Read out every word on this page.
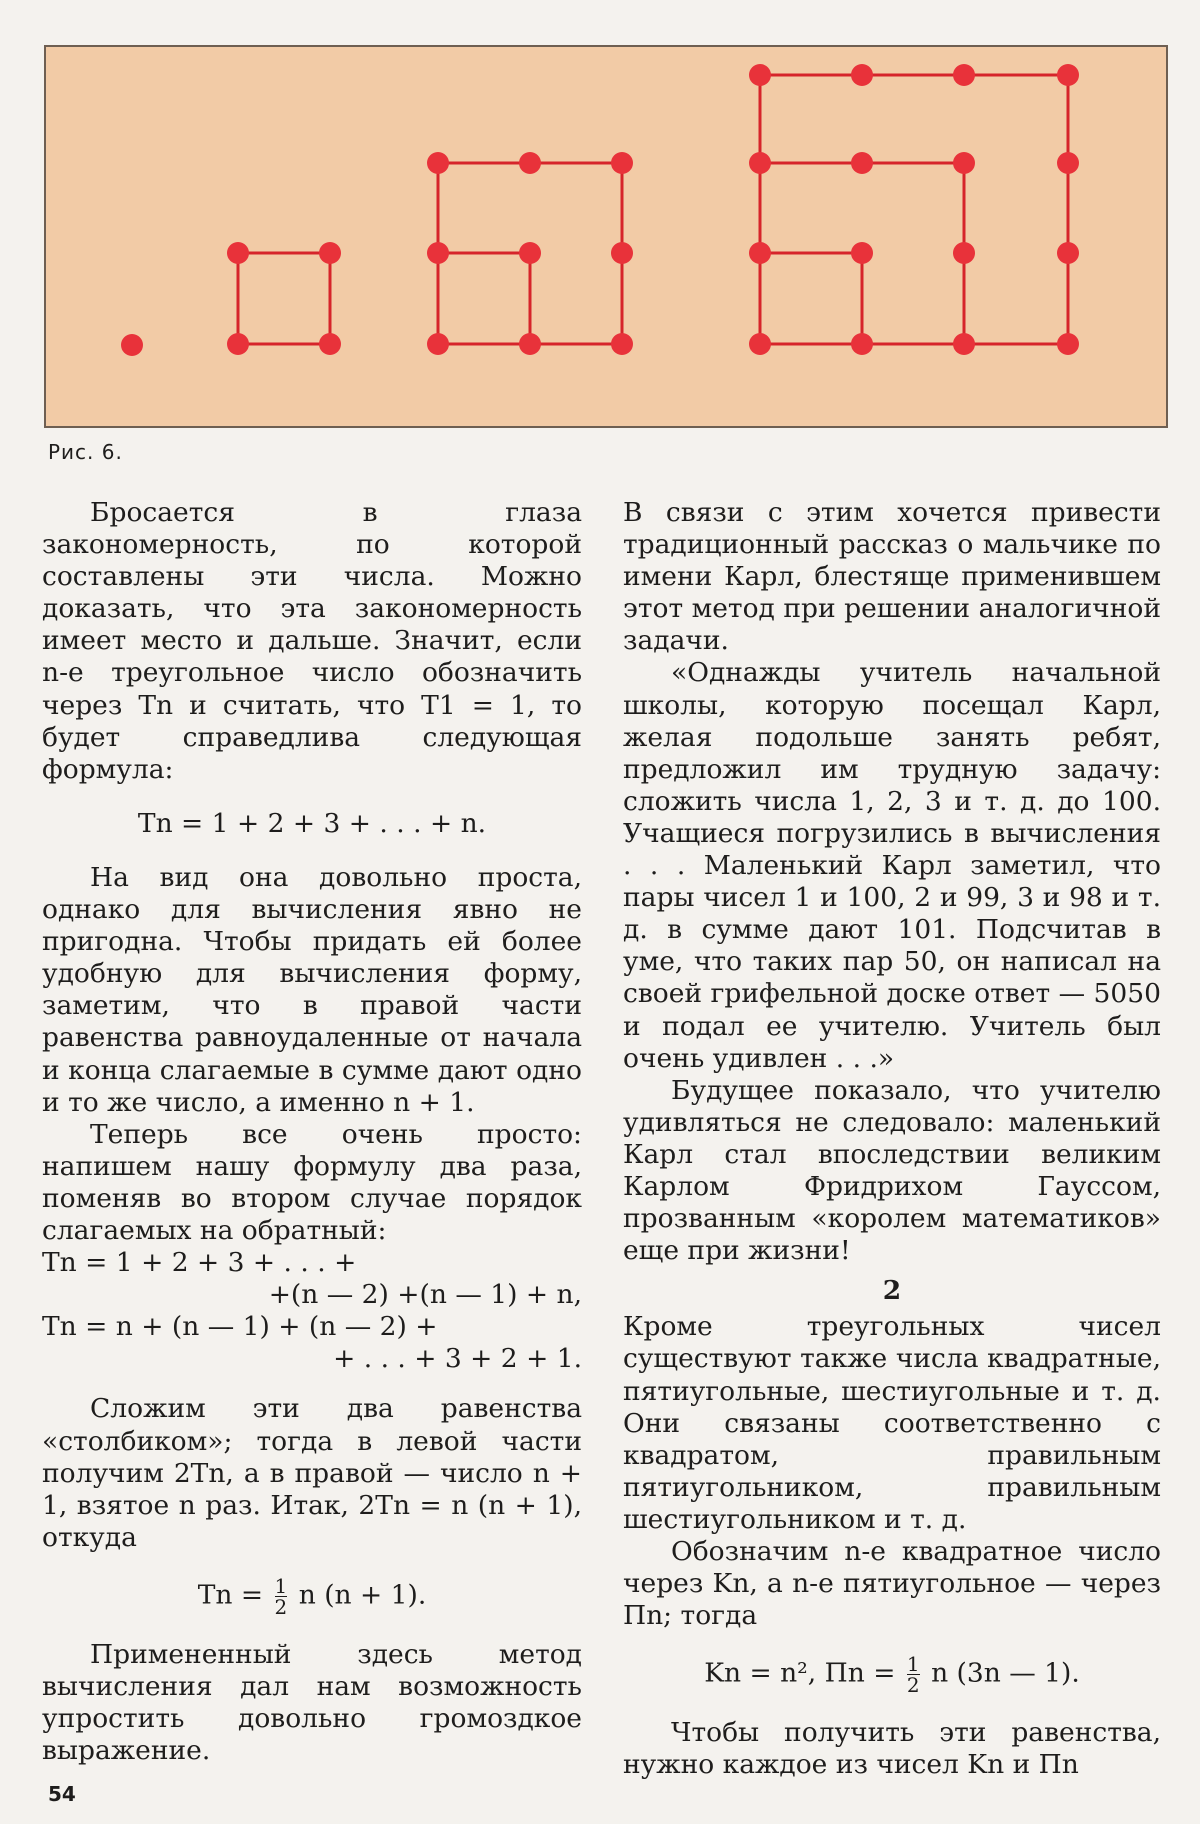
Рис. 6.

Бросается в глаза закономерность, по которой составлены эти числа. Можно доказать, что эта закономерность имеет место и дальше. Значит, если n-е треугольное число обозначить через Tn и считать, что T1 = 1, то будет справедлива следующая формула:

Tn = 1 + 2 + 3 + . . . + n.

На вид она довольно проста, однако для вычисления явно не пригодна. Чтобы придать ей более удобную для вычисления форму, заметим, что в правой части равенства равноудаленные от начала и конца слагаемые в сумме дают одно и то же число, а именно n + 1.

Теперь все очень просто: напишем нашу формулу два раза, поменяв во втором случае порядок слагаемых на обратный:

Tn = 1 + 2 + 3 + . . . +

+(n — 2) +(n — 1) + n,

Tn = n + (n — 1) + (n — 2) +

+ . . . + 3 + 2 + 1.

Сложим эти два равенства «столбиком»; тогда в левой части получим 2Tn, а в правой — число n + 1, взятое n раз. Итак, 2Tn = n (n + 1), откуда

$Tn = \frac{1}{2}$ n (n + 1).

Примененный здесь метод вычисления дал нам возможность упростить довольно громоздкое выражение.

В связи с этим хочется привести традиционный рассказ о мальчике по имени Карл, блестяще применившем этот метод при решении аналогичной задачи.

«Однажды учитель начальной школы, которую посещал Карл, желая подольше занять ребят, предложил им трудную задачу: сложить числа 1, 2, 3 и т. д. до 100. Учащиеся погрузились в вычисления . . . Маленький Карл заметил, что пары чисел 1 и 100, 2 и 99, 3 и 98 и т. д. в сумме дают 101. Подсчитав в уме, что таких пар 50, он написал на своей грифельной доске ответ — 5050 и подал ее учителю. Учитель был очень удивлен . . .»

Будущее показало, что учителю удивляться не следовало: маленький Карл стал впоследствии великим Карлом Фридрихом Гауссом, прозванным «королем математиков» еще при жизни!

2

Кроме треугольных чисел существуют также числа квадратные, пятиугольные, шестиугольные и т. д. Они связаны соответственно с квадратом, правильным пятиугольником, правильным шестиугольником и т. д.

Обозначим n-е квадратное число через Kn, а n-е пятиугольное — через Пn; тогда

Kn = n², Пn = $\frac{1}{2}$ n (3n — 1).

Чтобы получить эти равенства, нужно каждое из чисел Kn и Пn

54
